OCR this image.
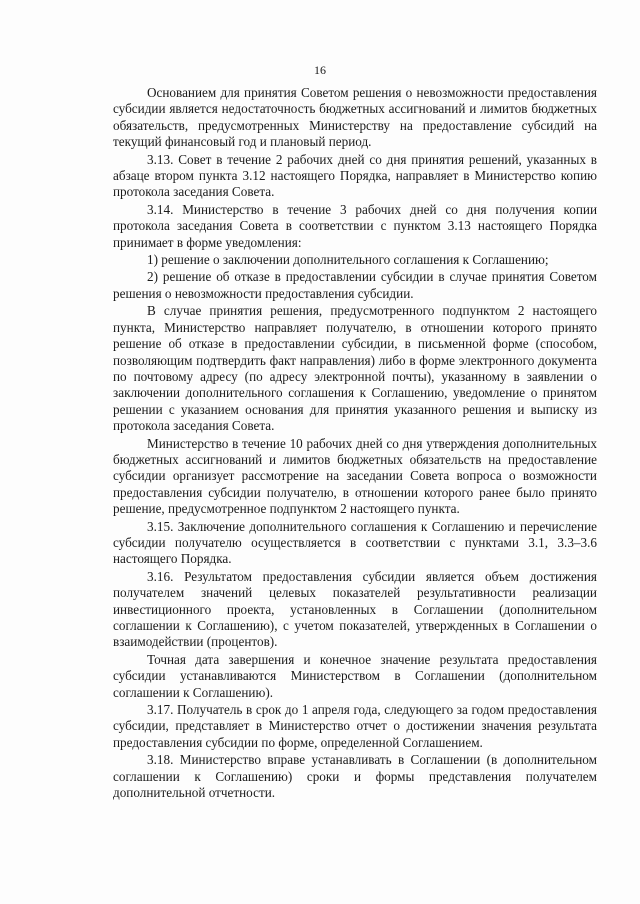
16

Основанием для принятия Советом решения о невозможности предоставления субсидии является недостаточность бюджетных ассигнований и лимитов бюджетных обязательств, предусмотренных Министерству на предоставление субсидий на текущий финансовый год и плановый период.

3.13. Совет в течение 2 рабочих дней со дня принятия решений, указанных в абзаце втором пункта 3.12 настоящего Порядка, направляет в Министерство копию протокола заседания Совета.

3.14. Министерство в течение 3 рабочих дней со дня получения копии протокола заседания Совета в соответствии с пунктом 3.13 настоящего Порядка принимает в форме уведомления:

1) решение о заключении дополнительного соглашения к Соглашению;

2) решение об отказе в предоставлении субсидии в случае принятия Советом решения о невозможности предоставления субсидии.

В случае принятия решения, предусмотренного подпунктом 2 настоящего пункта, Министерство направляет получателю, в отношении которого принято решение об отказе в предоставлении субсидии, в письменной форме (способом, позволяющим подтвердить факт направления) либо в форме электронного документа по почтовому адресу (по адресу электронной почты), указанному в заявлении о заключении дополнительного соглашения к Соглашению, уведомление о принятом решении с указанием основания для принятия указанного решения и выписку из протокола заседания Совета.

Министерство в течение 10 рабочих дней со дня утверждения дополнительных бюджетных ассигнований и лимитов бюджетных обязательств на предоставление субсидии организует рассмотрение на заседании Совета вопроса о возможности предоставления субсидии получателю, в отношении которого ранее было принято решение, предусмотренное подпунктом 2 настоящего пункта.

3.15. Заключение дополнительного соглашения к Соглашению и перечисление субсидии получателю осуществляется в соответствии с пунктами 3.1, 3.3–3.6 настоящего Порядка.

3.16. Результатом предоставления субсидии является объем достижения получателем значений целевых показателей результативности реализации инвестиционного проекта, установленных в Соглашении (дополнительном соглашении к Соглашению), с учетом показателей, утвержденных в Соглашении о взаимодействии (процентов).

Точная дата завершения и конечное значение результата предоставления субсидии устанавливаются Министерством в Соглашении (дополнительном соглашении к Соглашению).

3.17. Получатель в срок до 1 апреля года, следующего за годом предоставления субсидии, представляет в Министерство отчет о достижении значения результата предоставления субсидии по форме, определенной Соглашением.

3.18. Министерство вправе устанавливать в Соглашении (в дополнительном соглашении к Соглашению) сроки и формы представления получателем дополнительной отчетности.
